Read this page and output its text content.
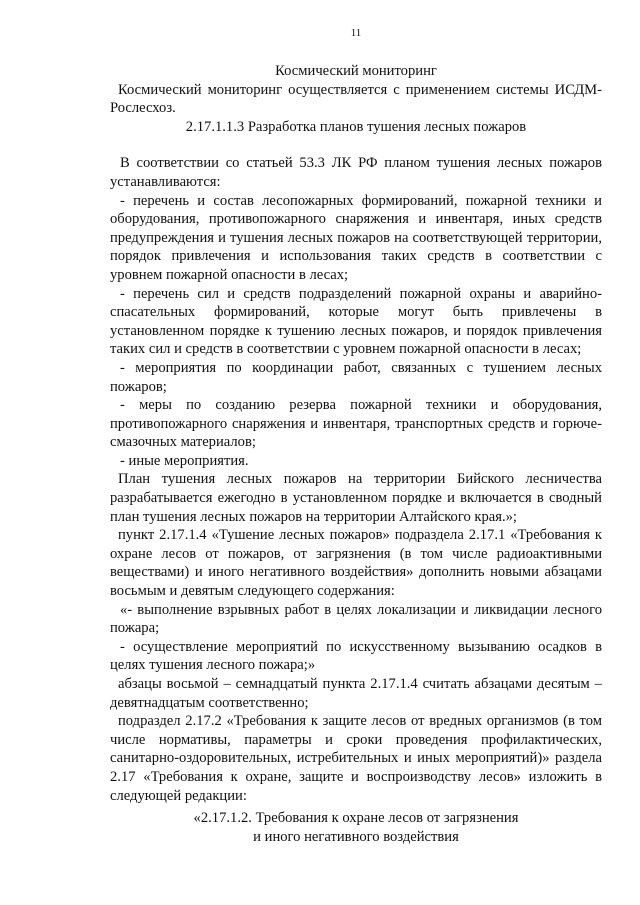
11

Космический мониторинг

Космический мониторинг осуществляется с применением системы ИСДМ-Рослесхоз.

2.17.1.1.3 Разработка планов тушения лесных пожаров

В соответствии со статьей 53.3 ЛК РФ планом тушения лесных пожаров устанавливаются:

- перечень и состав лесопожарных формирований, пожарной техники и оборудования, противопожарного снаряжения и инвентаря, иных средств предупреждения и тушения лесных пожаров на соответствующей территории, порядок привлечения и использования таких средств в соответствии с уровнем пожарной опасности в лесах;

- перечень сил и средств подразделений пожарной охраны и аварийно-спасательных формирований, которые могут быть привлечены в установленном порядке к тушению лесных пожаров, и порядок привлечения таких сил и средств в соответствии с уровнем пожарной опасности в лесах;

- мероприятия по координации работ, связанных с тушением лесных пожаров;

- меры по созданию резерва пожарной техники и оборудования, противопожарного снаряжения и инвентаря, транспортных средств и горюче-смазочных материалов;

- иные мероприятия.

План тушения лесных пожаров на территории Бийского лесничества разрабатывается ежегодно в установленном порядке и включается в сводный план тушения лесных пожаров на территории Алтайского края.»;

пункт 2.17.1.4 «Тушение лесных пожаров» подраздела 2.17.1 «Требования к охране лесов от пожаров, от загрязнения (в том числе радиоактивными веществами) и иного негативного воздействия» дополнить новыми абзацами восьмым и девятым следующего содержания:

«- выполнение взрывных работ в целях локализации и ликвидации лесного пожара;

- осуществление мероприятий по искусственному вызыванию осадков в целях тушения лесного пожара;»

абзацы восьмой – семнадцатый пункта 2.17.1.4 считать абзацами десятым – девятнадцатым соответственно;

подраздел 2.17.2 «Требования к защите лесов от вредных организмов (в том числе нормативы, параметры и сроки проведения профилактических, санитарно-оздоровительных, истребительных и иных мероприятий)» раздела 2.17 «Требования к охране, защите и воспроизводству лесов» изложить в следующей редакции:

«2.17.1.2. Требования к охране лесов от загрязнения
и иного негативного воздействия
